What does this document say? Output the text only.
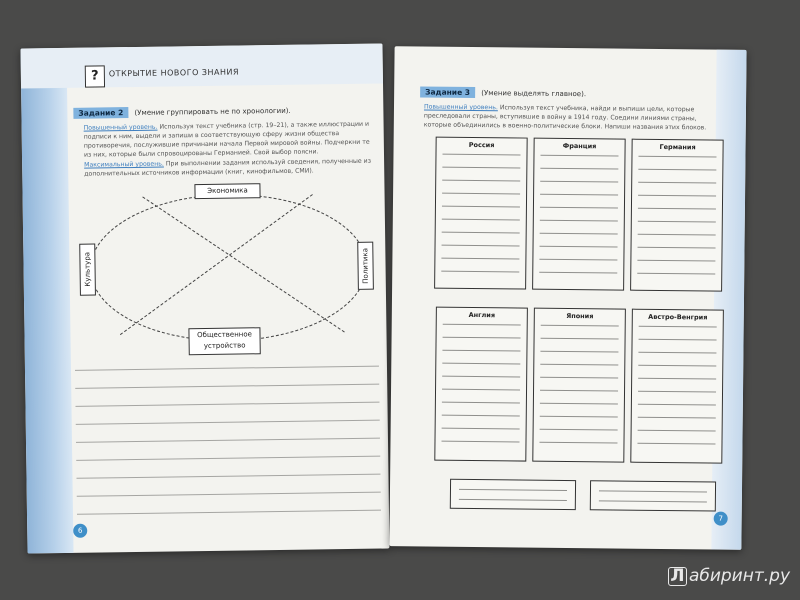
?	ОТКРЫТИЕ НОВОГО ЗНАНИЯ
Задание 2 (Умение группировать не по хронологии).
Повышенный уровень. Используя текст учебника (стр. 19–21), а также иллюстрации и подписи к ним, выдели и запиши в соответствующую сферу жизни общества противоречия, послужившие причинами начала Первой мировой войны. Подчеркни те из них, которые были спровоцированы Германией. Свой выбор поясни.
Максимальный уровень. При выполнении задания используй сведения, полученные из дополнительных источников информации (книг, кинофильмов, СМИ).
Экономика
Культура	Политика
Общественное
устройство
6
Задание 3 (Умение выделять главное).
Повышенный уровень. Используя текст учебника, найди и выпиши цели, которые преследовали страны, вступившие в войну в 1914 году. Соедини линиями страны, которые объединились в военно-политические блоки. Напиши названия этих блоков.
Россия	Франция	Германия
Англия	Япония	Австро-Венгрия
7
Л абиринт.ру
